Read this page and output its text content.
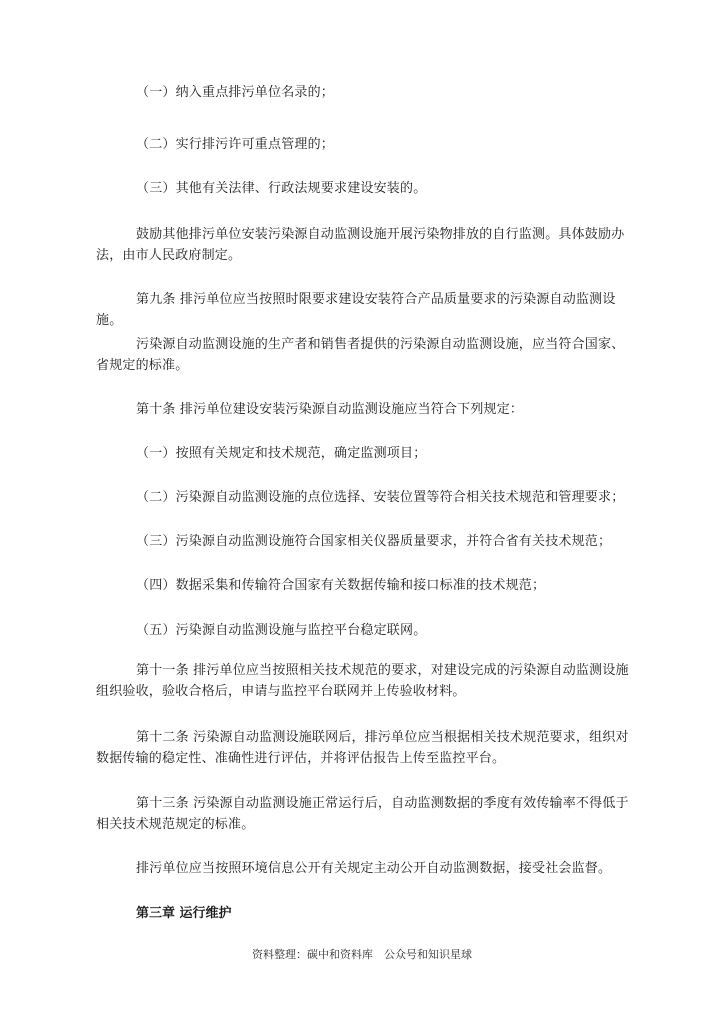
（一）纳入重点排污单位名录的；

（二）实行排污许可重点管理的；

（三）其他有关法律、行政法规要求建设安装的。

鼓励其他排污单位安装污染源自动监测设施开展污染物排放的自行监测。具体鼓励办法，由市人民政府制定。

第九条 排污单位应当按照时限要求建设安装符合产品质量要求的污染源自动监测设施。

污染源自动监测设施的生产者和销售者提供的污染源自动监测设施，应当符合国家、省规定的标准。

第十条 排污单位建设安装污染源自动监测设施应当符合下列规定：

（一）按照有关规定和技术规范，确定监测项目；

（二）污染源自动监测设施的点位选择、安装位置等符合相关技术规范和管理要求；

（三）污染源自动监测设施符合国家相关仪器质量要求，并符合省有关技术规范；

（四）数据采集和传输符合国家有关数据传输和接口标准的技术规范；

（五）污染源自动监测设施与监控平台稳定联网。

第十一条 排污单位应当按照相关技术规范的要求，对建设完成的污染源自动监测设施组织验收，验收合格后，申请与监控平台联网并上传验收材料。

第十二条 污染源自动监测设施联网后，排污单位应当根据相关技术规范要求，组织对数据传输的稳定性、准确性进行评估，并将评估报告上传至监控平台。

第十三条 污染源自动监测设施正常运行后，自动监测数据的季度有效传输率不得低于相关技术规范规定的标准。

排污单位应当按照环境信息公开有关规定主动公开自动监测数据，接受社会监督。

第三章 运行维护
资料整理：碳中和资料库　公众号和知识星球
